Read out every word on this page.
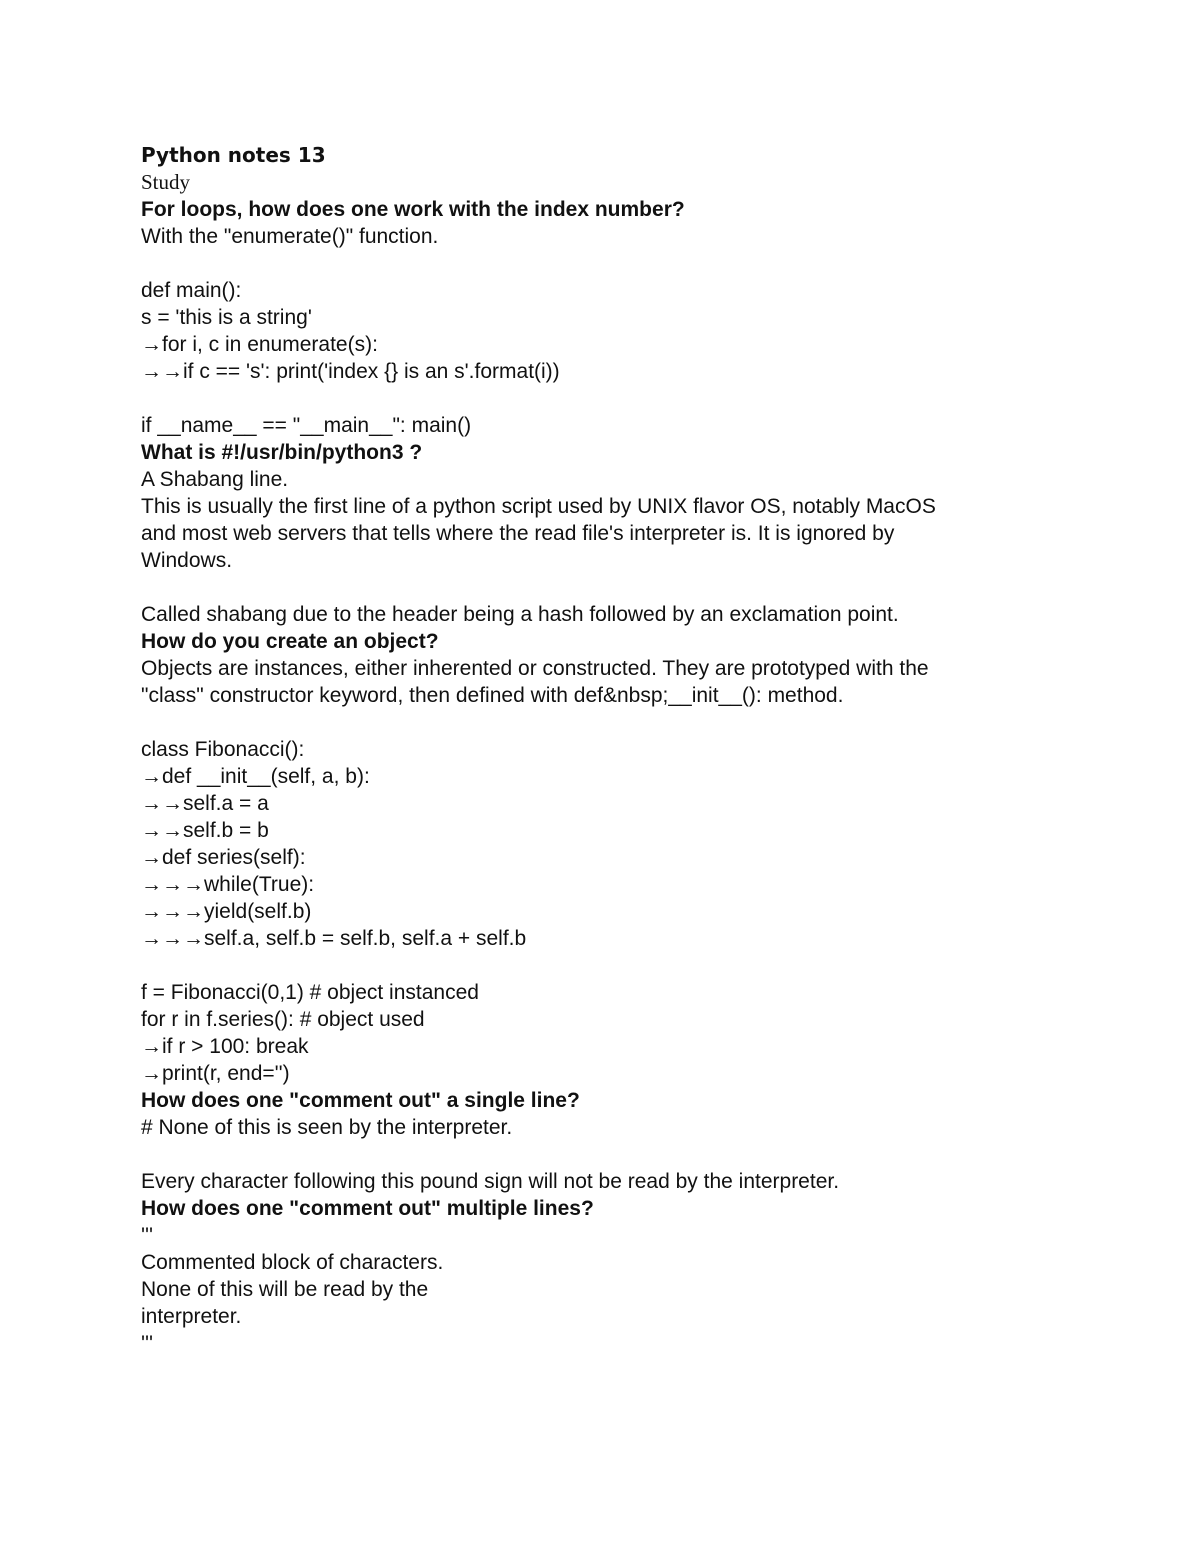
Python notes 13
Study
For loops, how does one work with the index number?
With the "enumerate()" function.
def main():
s = 'this is a string'
→for i, c in enumerate(s):
→→if c == 's': print('index {} is an s'.format(i))
if __name__ == "__main__": main()
What is #!/usr/bin/python3 ?
A Shabang line.
This is usually the first line of a python script used by UNIX flavor OS, notably MacOS
and most web servers that tells where the read file's interpreter is. It is ignored by
Windows.
Called shabang due to the header being a hash followed by an exclamation point.
How do you create an object?
Objects are instances, either inherented or constructed. They are prototyped with the
"class" constructor keyword, then defined with def&nbsp;__init__(): method.
class Fibonacci():
→def __init__(self, a, b):
→→self.a = a
→→self.b = b
→def series(self):
→→→while(True):
→→→yield(self.b)
→→→self.a, self.b = self.b, self.a + self.b
f = Fibonacci(0,1) # object instanced
for r in f.series(): # object used
→if r > 100: break
→print(r, end='')
How does one "comment out" a single line?
# None of this is seen by the interpreter.
Every character following this pound sign will not be read by the interpreter.
How does one "comment out" multiple lines?
'''
Commented block of characters.
None of this will be read by the
interpreter.
'''
